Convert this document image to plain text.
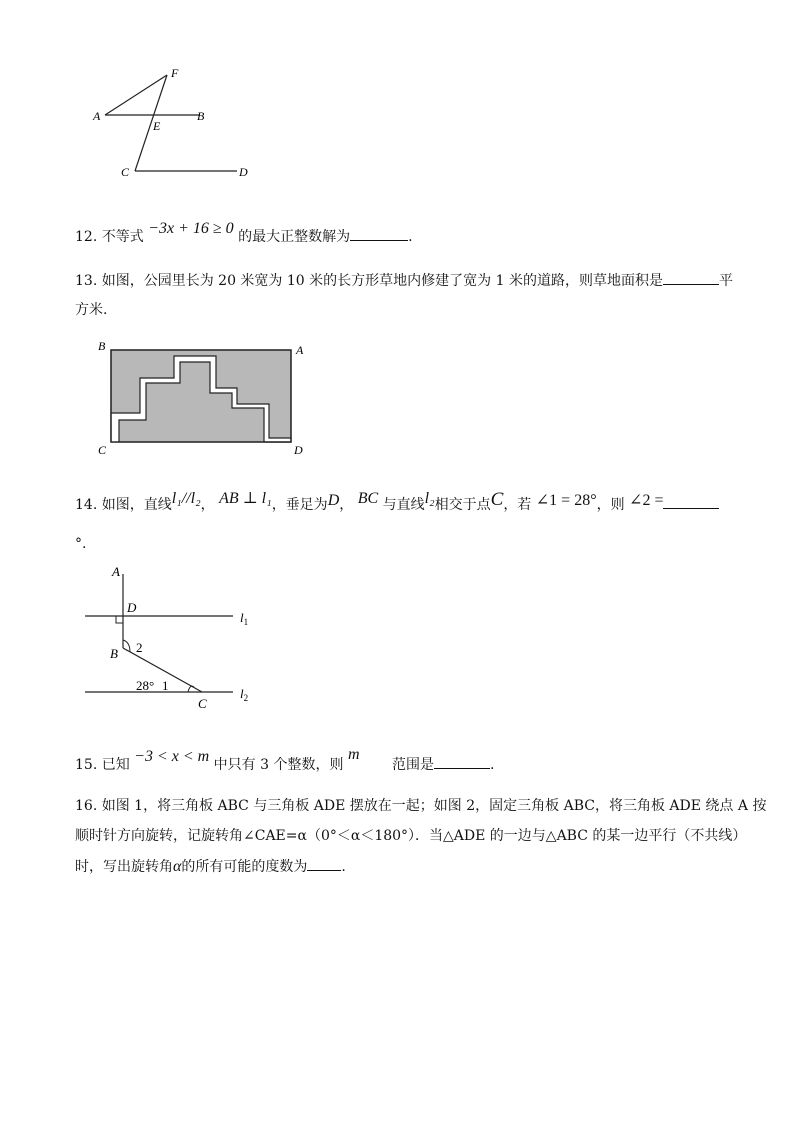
F
A
E
B
C	D
12. 不等式 −3x + 16 ≥ 0 的最大正整数解为	.
13. 如图，公园里长为 20 米宽为 10 米的长方形草地内修建了宽为 1 米的道路，则草地面积是	平
方米.
B	A
C	D
14. 如图，直线l₁//l₂， AB ⊥ l₁，垂足为D， BC 与直线l₂相交于点C，若 ∠1 = 28°，则 ∠2 =
°.
A
D
$l_1$
B 2
28° 1
C
$l_2$
15. 已知 −3 < x < m 中只有 3 个整数，则 m 范围是	.
16. 如图 1，将三角板 ABC 与三角板 ADE 摆放在一起；如图 2，固定三角板 ABC，将三角板 ADE 绕点 A 按
顺时针方向旋转，记旋转角∠CAE=α（0°＜α＜180°）．当△ADE 的一边与△ABC 的某一边平行（不共线）
时，写出旋转角α的所有可能的度数为 .
